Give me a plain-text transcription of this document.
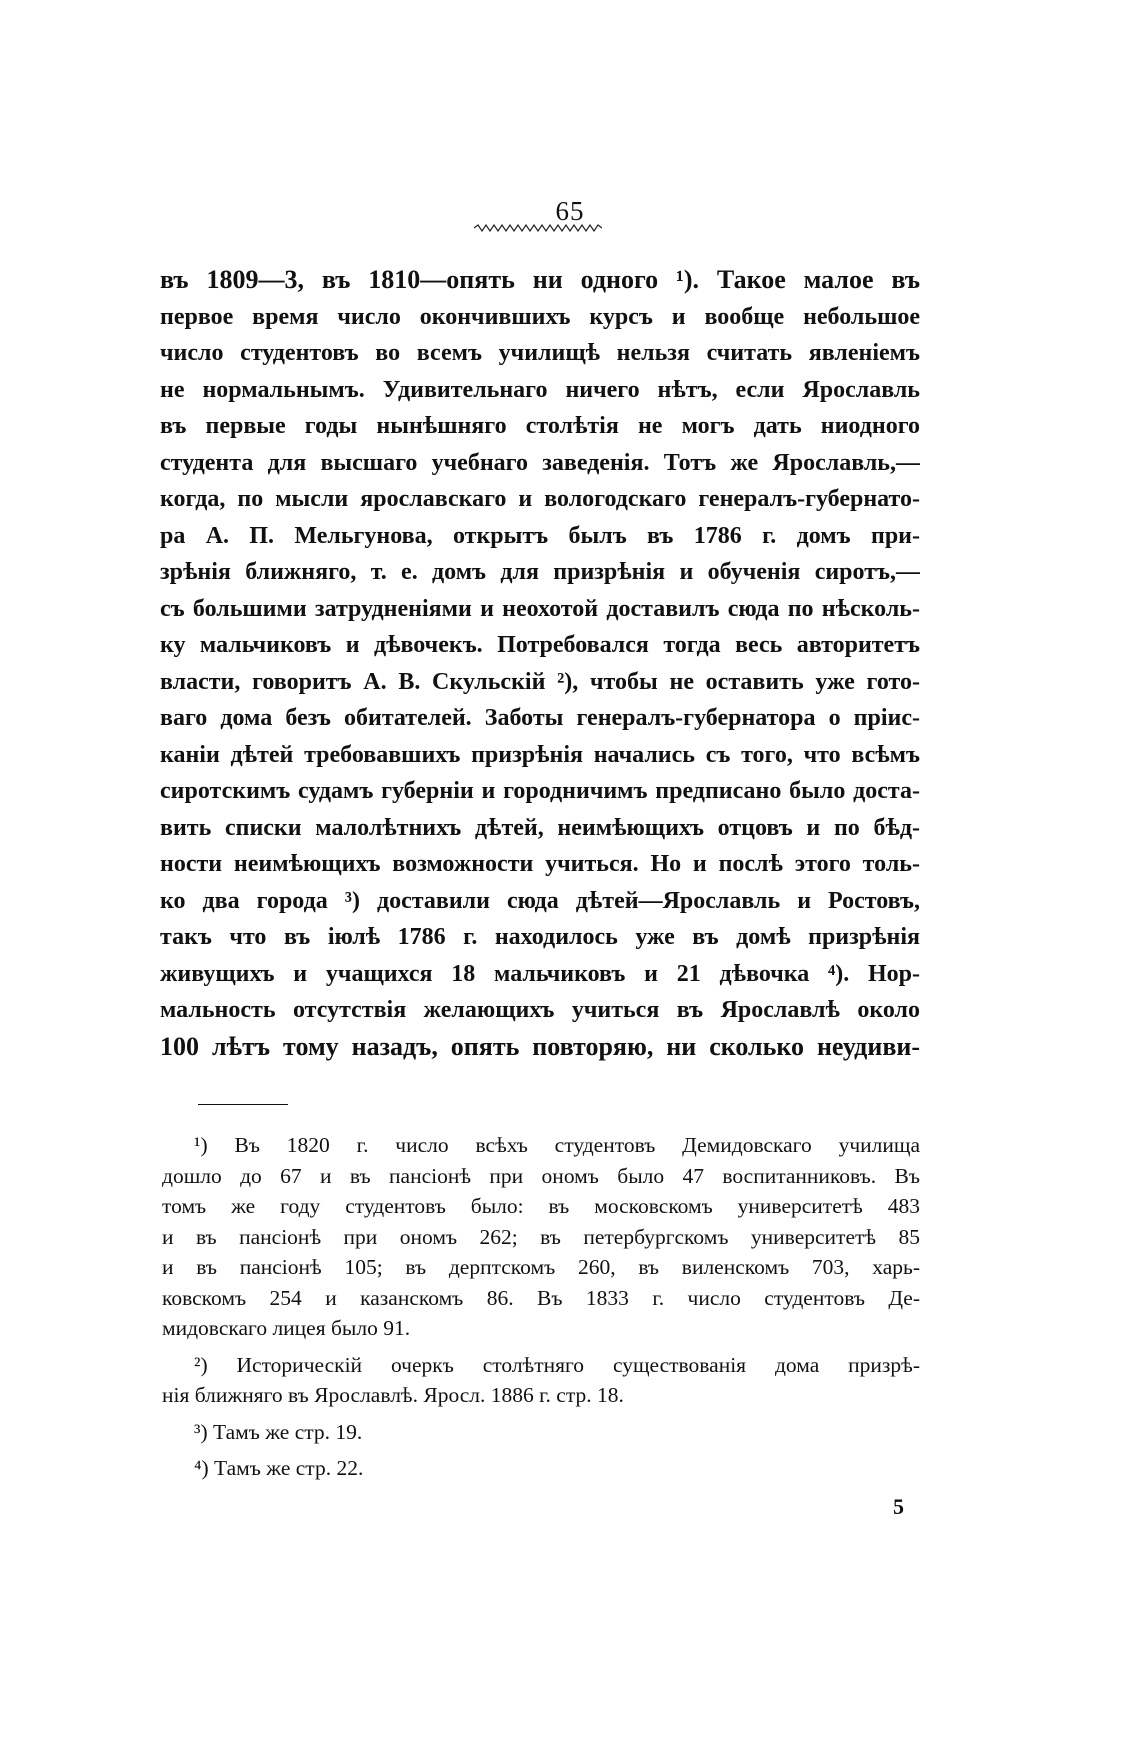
65
въ 1809—3, въ 1810—опять ни одного ¹). Такое малое въ
первое время число окончившихъ курсъ и вообще небольшое
число студентовъ во всемъ училищѣ нельзя считать явленіемъ
не нормальнымъ. Удивительнаго ничего нѣтъ, если Ярославль
въ первые годы нынѣшняго столѣтія не могъ дать ниодного
студента для высшаго учебнаго заведенія. Тотъ же Ярославль,—
когда, по мысли ярославскаго и вологодскаго генералъ-губернато-
ра А. П. Мельгунова, открытъ былъ въ 1786 г. домъ при-
зрѣнія ближняго, т. е. домъ для призрѣнія и обученія сиротъ,—
съ большими затрудненіями и неохотой доставилъ сюда по нѣсколь-
ку мальчиковъ и дѣвочекъ. Потребовался тогда весь авторитетъ
власти, говоритъ А. В. Скульскій ²), чтобы не оставить уже гото-
ваго дома безъ обитателей. Заботы генералъ-губернатора о пріис-
каніи дѣтей требовавшихъ призрѣнія начались съ того, что всѣмъ
сиротскимъ судамъ губерніи и городничимъ предписано было доста-
вить списки малолѣтнихъ дѣтей, неимѣющихъ отцовъ и по бѣд-
ности неимѣющихъ возможности учиться. Но и послѣ этого толь-
ко два города ³) доставили сюда дѣтей—Ярославль и Ростовъ,
такъ что въ іюлѣ 1786 г. находилось уже въ домѣ призрѣнія
живущихъ и учащихся 18 мальчиковъ и 21 дѣвочка ⁴). Нор-
мальность отсутствія желающихъ учиться въ Ярославлѣ около
100 лѣтъ тому назадъ, опять повторяю, ни сколько неудиви-
¹) Въ 1820 г. число всѣхъ студентовъ Демидовскаго училища
дошло до 67 и въ пансіонѣ при ономъ было 47 воспитанниковъ. Въ
томъ же году студентовъ было: въ московскомъ университетѣ 483
и въ пансіонѣ при ономъ 262; въ петербургскомъ университетѣ 85
и въ пансіонѣ 105; въ дерптскомъ 260, въ виленскомъ 703, харь-
ковскомъ 254 и казанскомъ 86. Въ 1833 г. число студентовъ Де-
мидовскаго лицея было 91.
²) Историческій очеркъ столѣтняго существованія дома призрѣ-
нія ближняго въ Ярославлѣ. Яросл. 1886 г. стр. 18.
³) Тамъ же стр. 19.
⁴) Тамъ же стр. 22.
5
